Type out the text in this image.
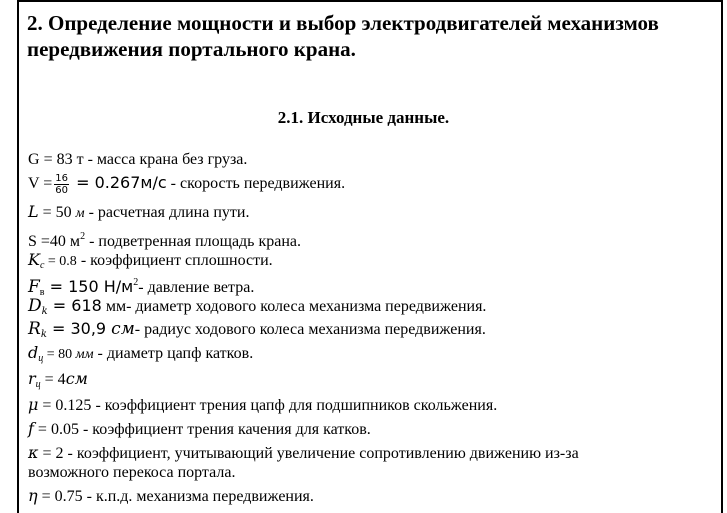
2. Определение мощности и выбор электродвигателей механизмов передвижения портального крана.
2.1. Исходные данные.
G = 83 т - масса крана без груза.
$V = \frac{16}{60} = 0.267м/с$ - скорость передвижения.
L = 50 м - расчетная длина пути.
S =40 $м^2$ - подветренная площадь крана.
$K_c = 0.8$ - коэффициент сплошности.
$F_в = 150$ $Н/м^2-$ давление ветра.
$D_k = 618$ мм- диаметр ходового колеса механизма передвижения.
$R_k = 30,9$ см- радиус ходового колеса механизма передвижения.
$d_ц = 80$ мм - диаметр цапф катков.
$r_ц = 4см$
μ = 0.125 - коэффициент трения цапф для подшипников скольжения.
f = 0.05 - коэффициент трения качения для катков.
κ = 2 - коэффициент, учитывающий увеличение сопротивлению движению из-за
возможного перекоса портала.
η = 0.75 - к.п.д. механизма передвижения.
